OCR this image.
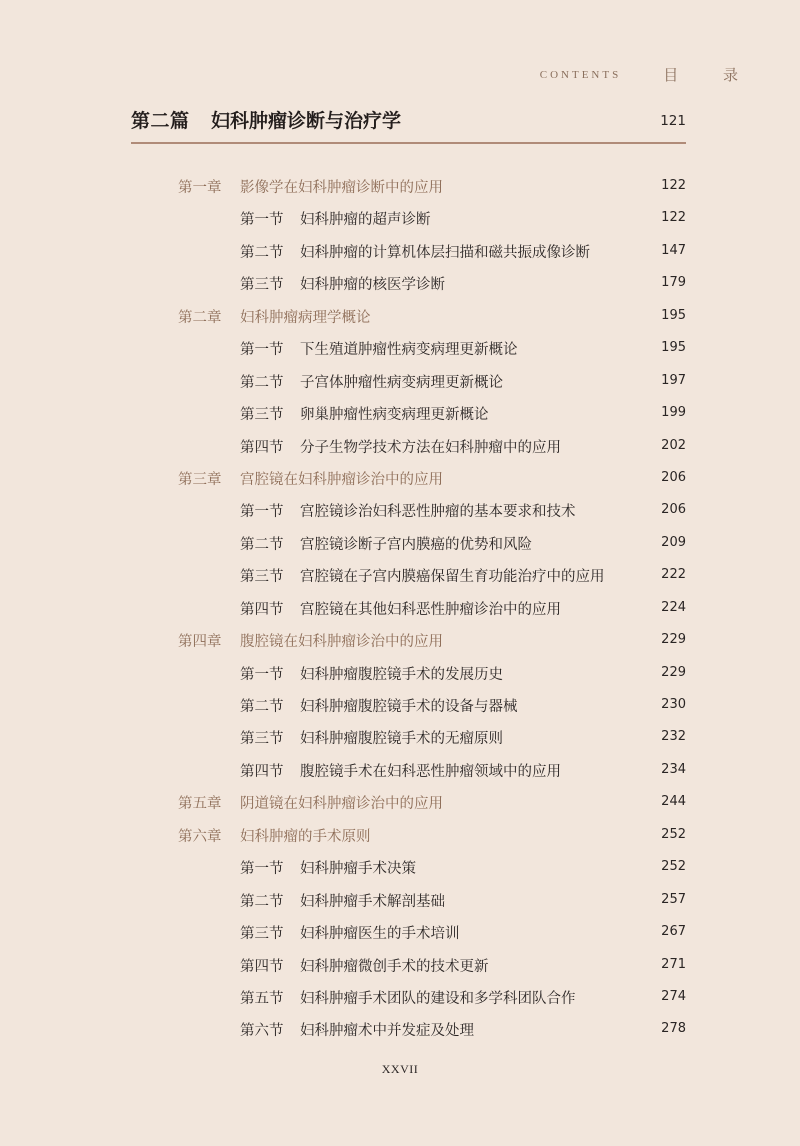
CONTENTS	目 录
第二篇 妇科肿瘤诊断与治疗学	121
第一章 影像学在妇科肿瘤诊断中的应用	122
第一节 妇科肿瘤的超声诊断	122
第二节 妇科肿瘤的计算机体层扫描和磁共振成像诊断	147
第三节 妇科肿瘤的核医学诊断	179
第二章 妇科肿瘤病理学概论	195
第一节 下生殖道肿瘤性病变病理更新概论	195
第二节 子宫体肿瘤性病变病理更新概论	197
第三节 卵巢肿瘤性病变病理更新概论	199
第四节 分子生物学技术方法在妇科肿瘤中的应用	202
第三章 宫腔镜在妇科肿瘤诊治中的应用	206
第一节 宫腔镜诊治妇科恶性肿瘤的基本要求和技术	206
第二节 宫腔镜诊断子宫内膜癌的优势和风险	209
第三节 宫腔镜在子宫内膜癌保留生育功能治疗中的应用	222
第四节 宫腔镜在其他妇科恶性肿瘤诊治中的应用	224
第四章 腹腔镜在妇科肿瘤诊治中的应用	229
第一节 妇科肿瘤腹腔镜手术的发展历史	229
第二节 妇科肿瘤腹腔镜手术的设备与器械	230
第三节 妇科肿瘤腹腔镜手术的无瘤原则	232
第四节 腹腔镜手术在妇科恶性肿瘤领域中的应用	234
第五章 阴道镜在妇科肿瘤诊治中的应用	244
第六章 妇科肿瘤的手术原则	252
第一节 妇科肿瘤手术决策	252
第二节 妇科肿瘤手术解剖基础	257
第三节 妇科肿瘤医生的手术培训	267
第四节 妇科肿瘤微创手术的技术更新	271
第五节 妇科肿瘤手术团队的建设和多学科团队合作	274
第六节 妇科肿瘤术中并发症及处理	278
XXVII
